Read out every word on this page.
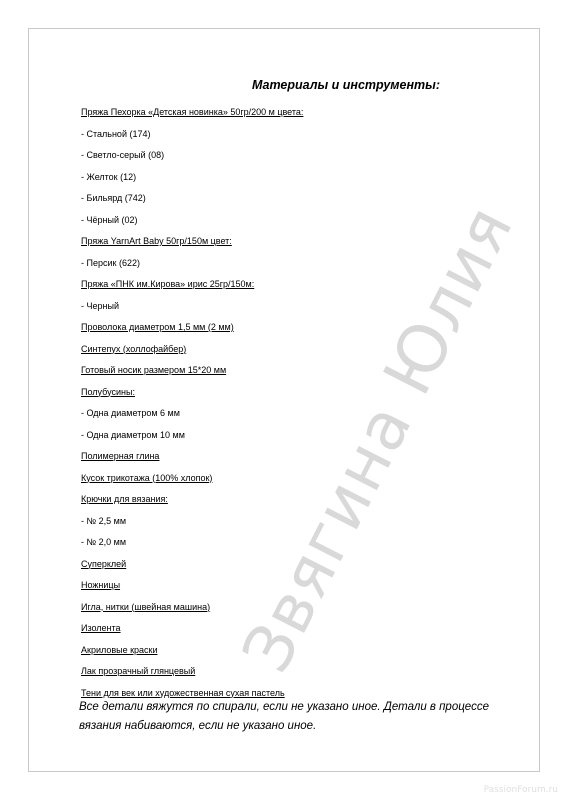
Звягина Юлия
Материалы и инструменты:
Пряжа Пехорка «Детская новинка» 50гр/200 м цвета:
- Стальной (174)
- Светло-серый (08)
- Желток (12)
- Бильярд (742)
- Чёрный (02)
Пряжа YarnArt Baby 50гр/150м цвет:
- Персик (622)
Пряжа «ПНК им.Кирова» ирис 25гр/150м:
- Черный
Проволока диаметром 1,5 мм (2 мм)
Синтепух (холлофайбер)
Готовый носик размером 15*20 мм
Полубусины:
- Одна диаметром 6 мм
- Одна диаметром 10 мм
Полимерная глина
Кусок трикотажа (100% хлопок)
Крючки для вязания:
- № 2,5 мм
- № 2,0 мм
Суперклей
Ножницы
Игла, нитки (швейная машина)
Изолента
Акриловые краски
Лак прозрачный глянцевый
Тени для век или художественная сухая пастель
Все детали вяжутся по спирали, если не указано иное. Детали в процессе вязания набиваются, если не указано иное.
PassionForum.ru
